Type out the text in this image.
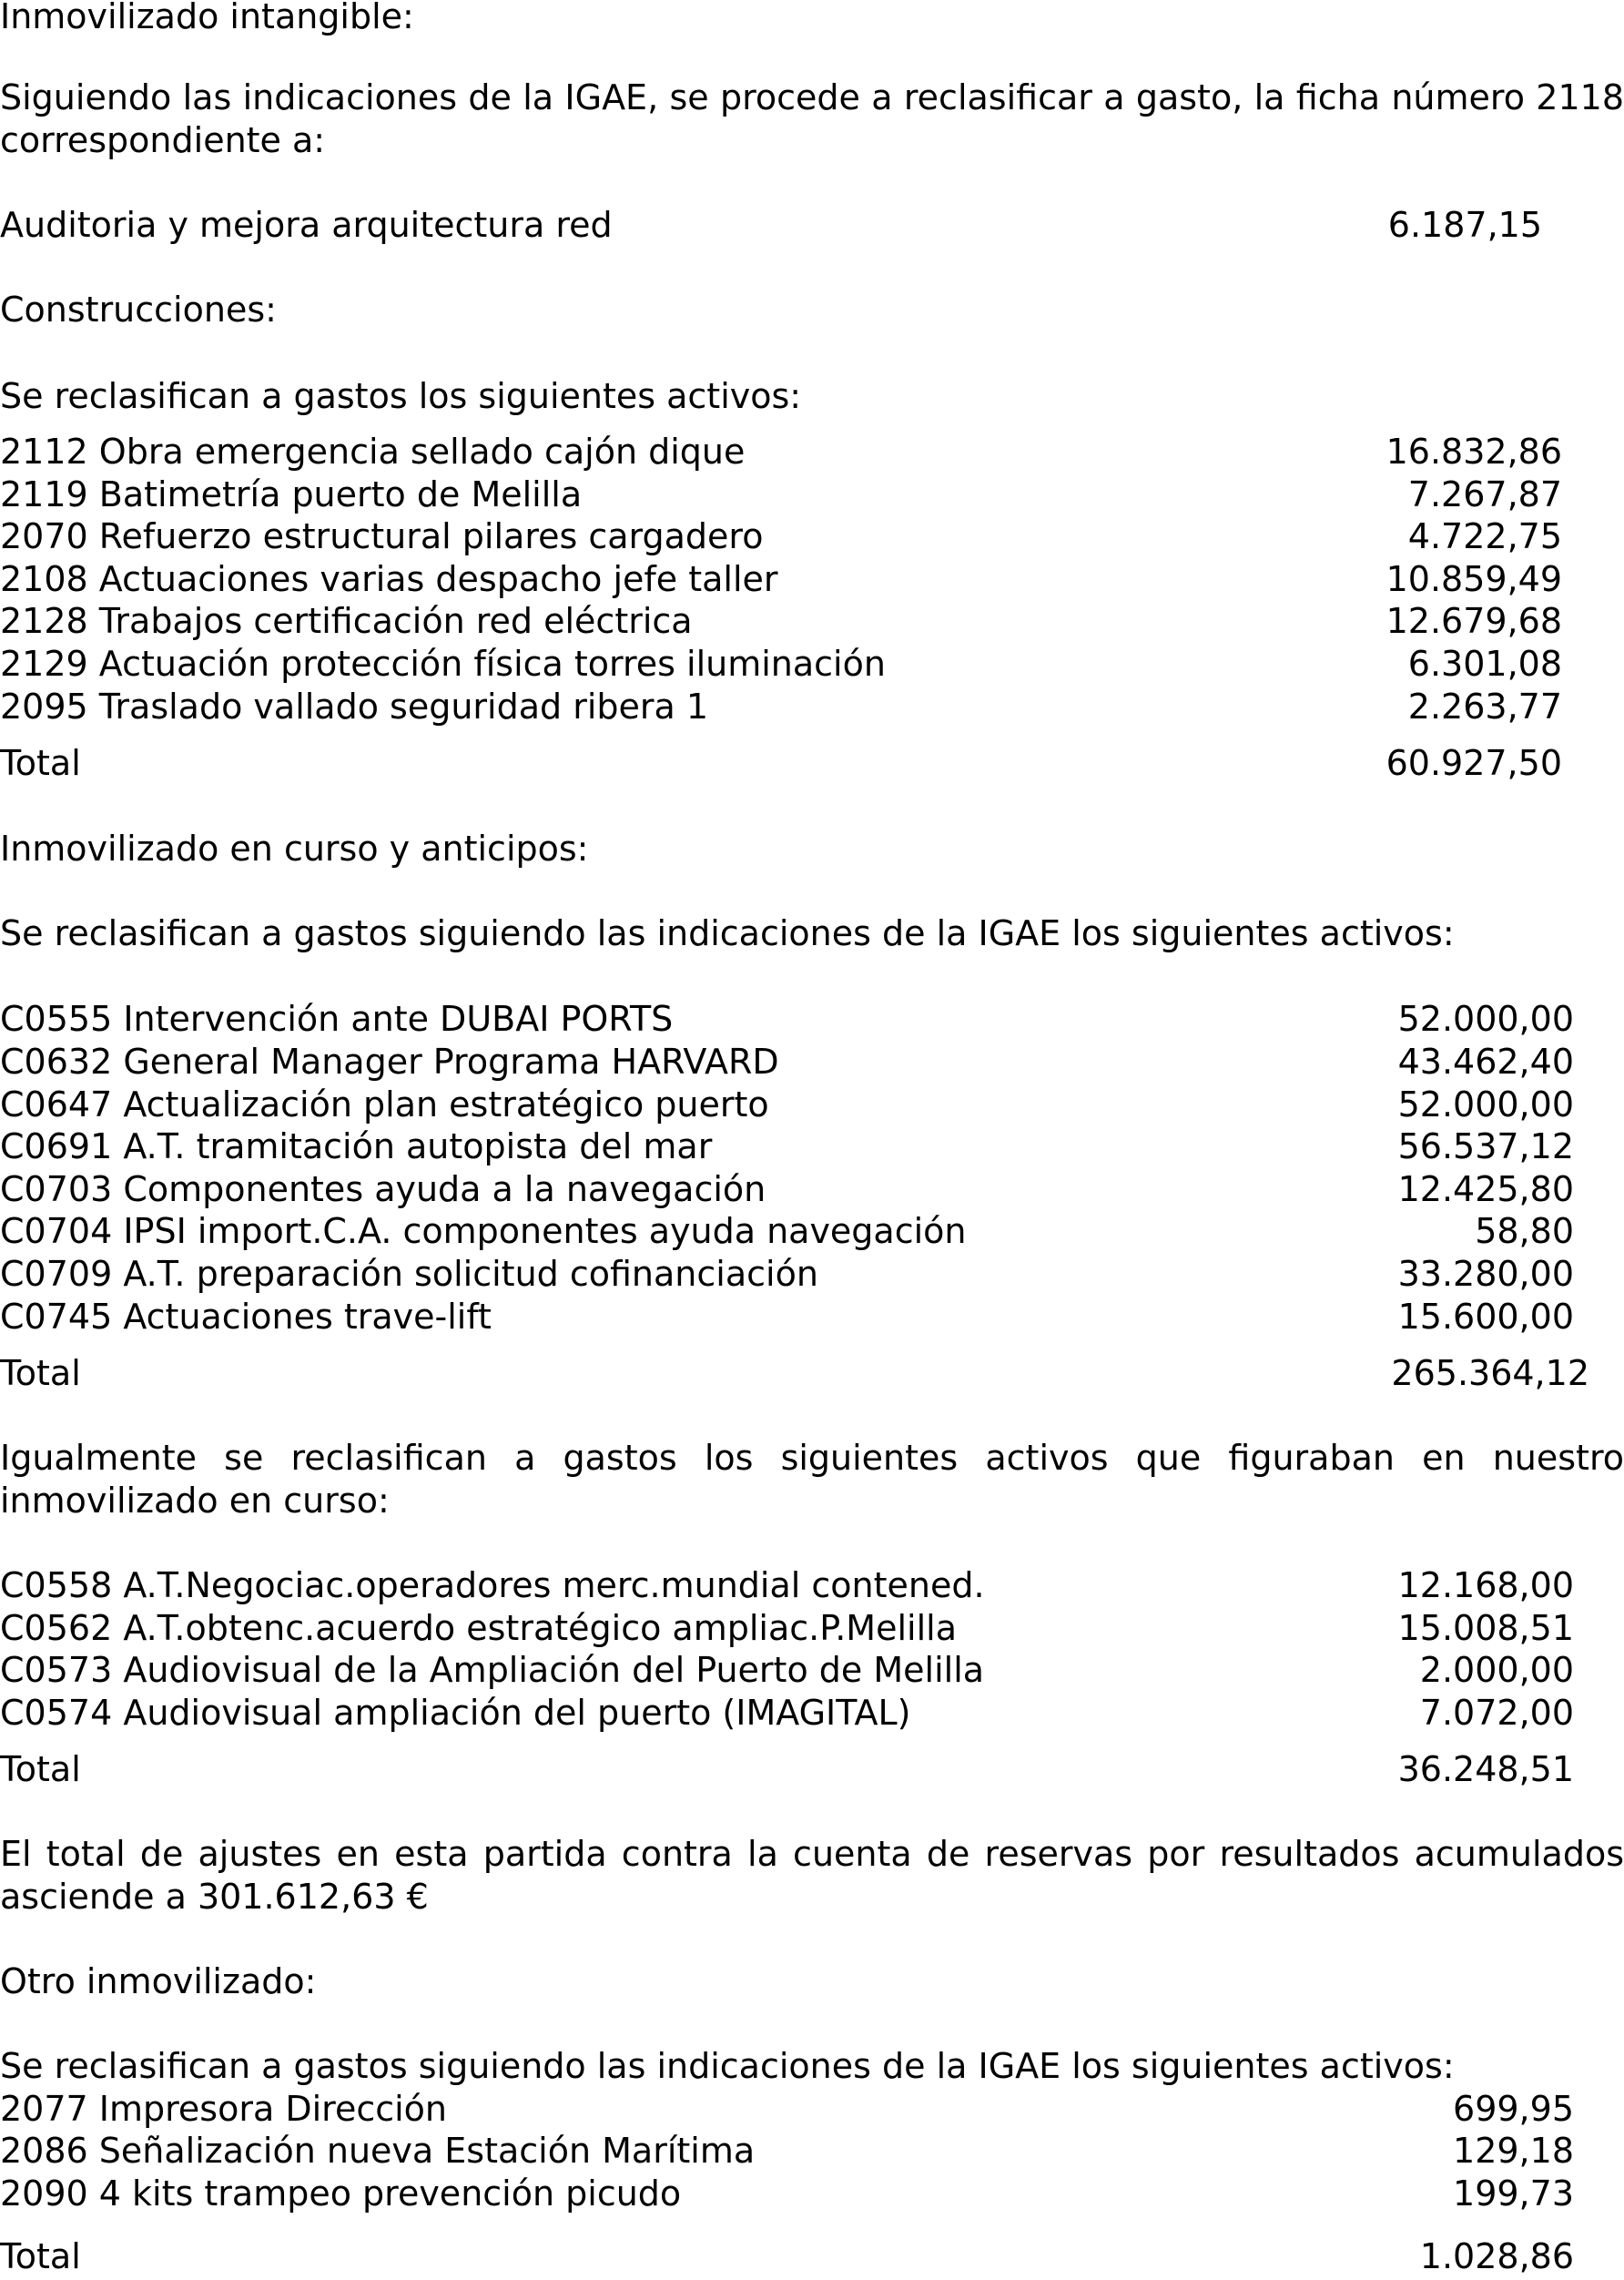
Inmovilizado intangible:
Siguiendo las indicaciones de la IGAE, se procede a reclasificar a gasto, la ficha número 2118 correspondiente a:
Auditoria y mejora arquitectura red	6.187,15
Construcciones:
Se reclasifican a gastos los siguientes activos:
2112 Obra emergencia sellado cajón dique	16.832,86
2119 Batimetría puerto de Melilla	7.267,87
2070 Refuerzo estructural pilares cargadero	4.722,75
2108 Actuaciones varias despacho jefe taller	10.859,49
2128 Trabajos certificación red eléctrica	12.679,68
2129 Actuación protección física torres iluminación	6.301,08
2095 Traslado vallado seguridad ribera 1	2.263,77
Total	60.927,50
Inmovilizado en curso y anticipos:
Se reclasifican a gastos siguiendo las indicaciones de la IGAE los siguientes activos:
C0555 Intervención ante DUBAI PORTS	52.000,00
C0632 General Manager Programa HARVARD	43.462,40
C0647 Actualización plan estratégico puerto	52.000,00
C0691 A.T. tramitación autopista del mar	56.537,12
C0703 Componentes ayuda a la navegación	12.425,80
C0704 IPSI import.C.A. componentes ayuda navegación	58,80
C0709 A.T. preparación solicitud cofinanciación	33.280,00
C0745 Actuaciones trave-lift	15.600,00
Total	265.364,12
Igualmente se reclasifican a gastos los siguientes activos que figuraban en nuestro inmovilizado en curso:
C0558 A.T.Negociac.operadores merc.mundial contened.	12.168,00
C0562 A.T.obtenc.acuerdo estratégico ampliac.P.Melilla	15.008,51
C0573 Audiovisual de la Ampliación del Puerto de Melilla	2.000,00
C0574 Audiovisual ampliación del puerto (IMAGITAL)	7.072,00
Total	36.248,51
El total de ajustes en esta partida contra la cuenta de reservas por resultados acumulados asciende a 301.612,63 €
Otro inmovilizado:
Se reclasifican a gastos siguiendo las indicaciones de la IGAE los siguientes activos:
2077 Impresora Dirección	699,95
2086 Señalización nueva Estación Marítima	129,18
2090 4 kits trampeo prevención picudo	199,73
Total	1.028,86
